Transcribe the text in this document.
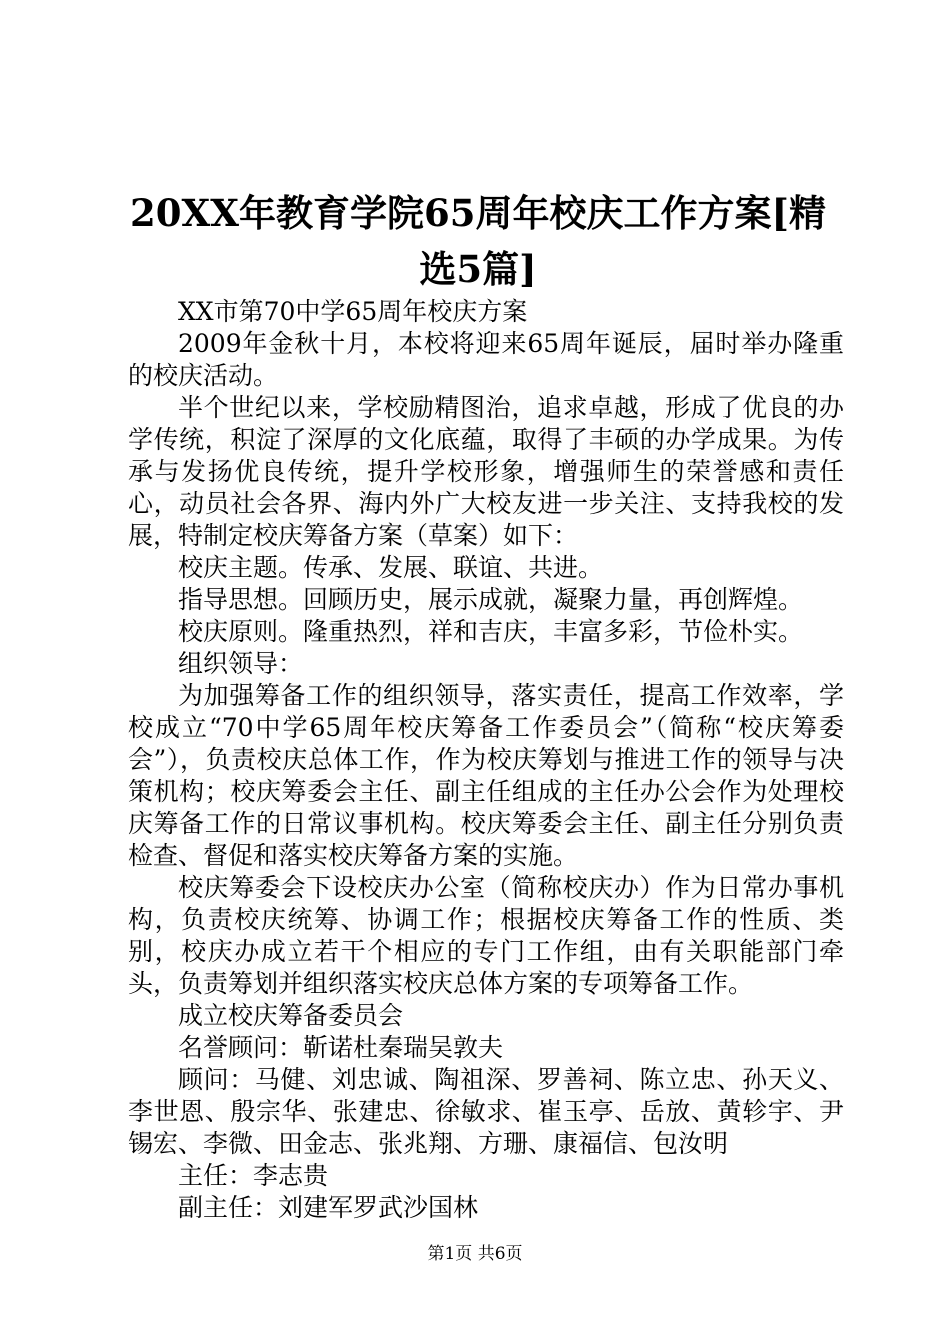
20XX年教育学院65周年校庆工作方案[精选5篇]

XX市第70中学65周年校庆方案

2009年金秋十月，本校将迎来65周年诞辰，届时举办隆重的校庆活动。

半个世纪以来，学校励精图治，追求卓越，形成了优良的办学传统，积淀了深厚的文化底蕴，取得了丰硕的办学成果。为传承与发扬优良传统，提升学校形象，增强师生的荣誉感和责任心，动员社会各界、海内外广大校友进一步关注、支持我校的发展，特制定校庆筹备方案（草案）如下：

校庆主题。传承、发展、联谊、共进。

指导思想。回顾历史，展示成就，凝聚力量，再创辉煌。

校庆原则。隆重热烈，祥和吉庆，丰富多彩，节俭朴实。

组织领导：

为加强筹备工作的组织领导，落实责任，提高工作效率，学校成立“70中学65周年校庆筹备工作委员会”（简称“校庆筹委会”），负责校庆总体工作，作为校庆筹划与推进工作的领导与决策机构；校庆筹委会主任、副主任组成的主任办公会作为处理校庆筹备工作的日常议事机构。校庆筹委会主任、副主任分别负责检查、督促和落实校庆筹备方案的实施。

校庆筹委会下设校庆办公室（简称校庆办）作为日常办事机构，负责校庆统筹、协调工作；根据校庆筹备工作的性质、类别，校庆办成立若干个相应的专门工作组，由有关职能部门牵头，负责筹划并组织落实校庆总体方案的专项筹备工作。

成立校庆筹备委员会

名誉顾问：靳诺杜秦瑞吴敦夫

顾问：马健、刘忠诚、陶祖深、罗善祠、陈立忠、孙天义、李世恩、殷宗华、张建忠、徐敏求、崔玉亭、岳放、黄轸宇、尹锡宏、李微、田金志、张兆翔、方珊、康福信、包汝明

主任：李志贵

副主任：刘建军罗武沙国林

第1页 共6页
